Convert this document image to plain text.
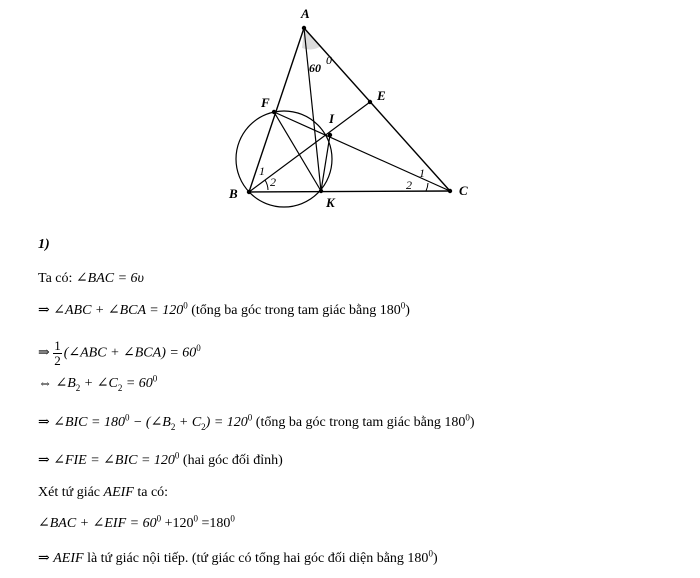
A
B	C
E
F
I
K
60
0
1
2
1
2
1)
Ta có: ∠BAC = 6υ
⇒ ∠ABC + ∠BCA = $120^0$ (tổng ba góc trong tam giác bằng $180^0$)
⇒ $\frac{1}{2}$ (∠ABC + ∠BCA) = $60^0$
⇔ $\angle B_2$ + $\angle C_2 = 60^0$
⇒ ∠BIC = $180^0$ − $(\angle B_2 + C_2) = 120^0$ (tổng ba góc trong tam giác bằng $180^0$)
⇒ ∠FIE = ∠BIC = $120^0$ (hai góc đối đỉnh)
Xét tứ giác AEIF ta có:
∠BAC + ∠EIF = $60^0 +120^0 =180^0$
⇒ AEIF là tứ giác nội tiếp. (tứ giác có tổng hai góc đối diện bằng $180^0$)
